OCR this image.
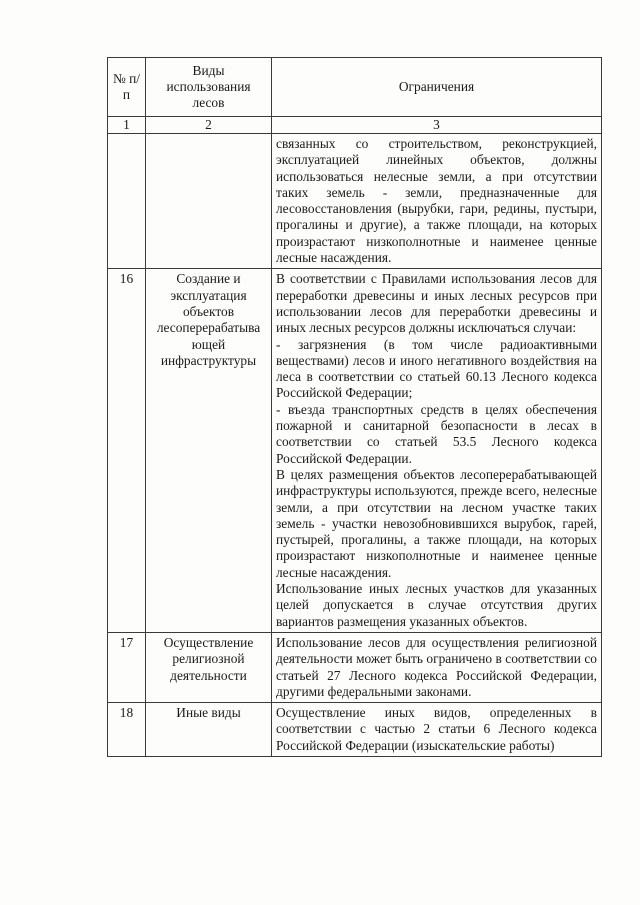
№ п/ п	Виды использования лесов	Ограничения
1	2	3

		связанных со строительством, реконструкцией, эксплуатацией линейных объектов, должны использоваться нелесные земли, а при отсутствии таких земель - земли, предназначенные для лесовосстановления (вырубки, гари, редины, пустыри, прогалины и другие), а также площади, на которых произрастают низкополнотные и наименее ценные лесные насаждения.

16	Создание и эксплуатация объектов лесоперерабатыва ющей инфраструктуры	В соответствии с Правилами использования лесов для переработки древесины и иных лесных ресурсов при использовании лесов для переработки древесины и иных лесных ресурсов должны исключаться случаи:
- загрязнения (в том числе радиоактивными веществами) лесов и иного негативного воздействия на леса в соответствии со статьей 60.13 Лесного кодекса Российской Федерации;
- въезда транспортных средств в целях обеспечения пожарной и санитарной безопасности в лесах в соответствии со статьей 53.5 Лесного кодекса Российской Федерации.
В целях размещения объектов лесоперерабатывающей инфраструктуры используются, прежде всего, нелесные земли, а при отсутствии на лесном участке таких земель - участки невозобновившихся вырубок, гарей, пустырей, прогалины, а также площади, на которых произрастают низкополнотные и наименее ценные лесные насаждения.
Использование иных лесных участков для указанных целей допускается в случае отсутствия других вариантов размещения указанных объектов.

17	Осуществление религиозной деятельности	Использование лесов для осуществления религиозной деятельности может быть ограничено в соответствии со статьей 27 Лесного кодекса Российской Федерации, другими федеральными законами.

18	Иные виды	Осуществление иных видов, определенных в соответствии с частью 2 статьи 6 Лесного кодекса Российской Федерации (изыскательские работы)
